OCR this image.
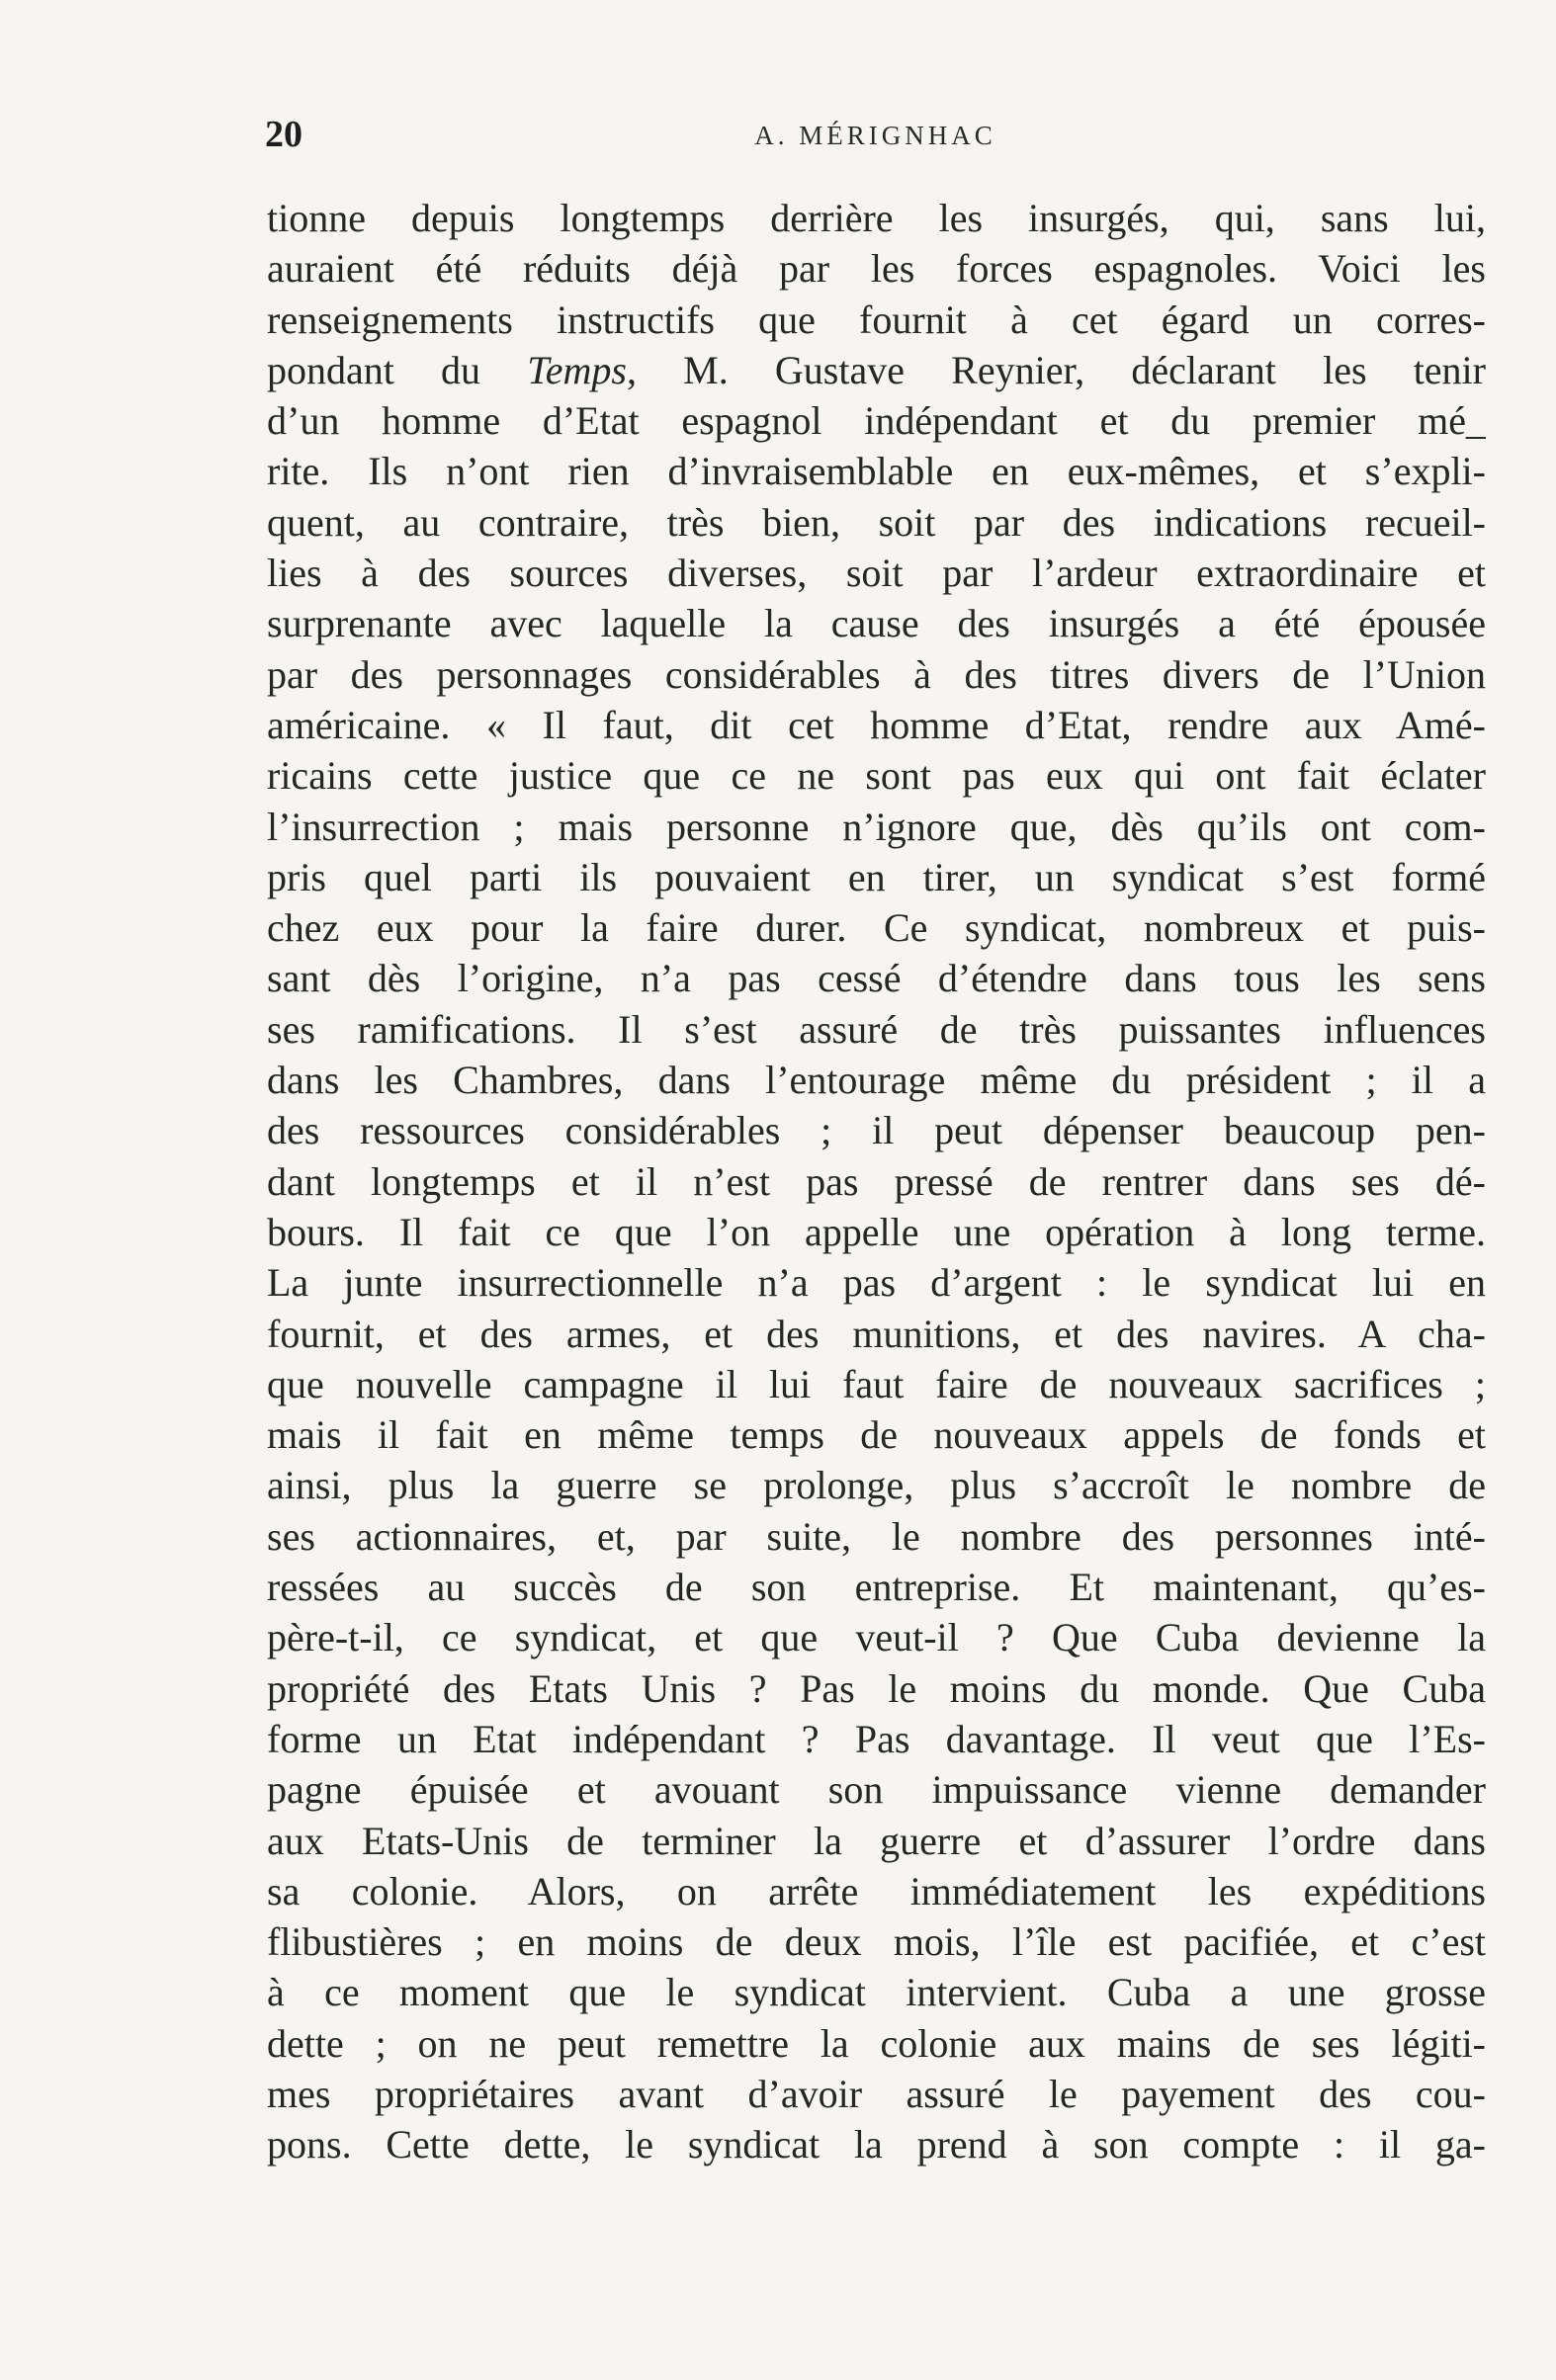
20	A. MÉRIGNHAC
tionne depuis longtemps derrière les insurgés, qui, sans lui,
auraient été réduits déjà par les forces espagnoles. Voici les
renseignements instructifs que fournit à cet égard un corres-
pondant du Temps, M. Gustave Reynier, déclarant les tenir
d’un homme d’Etat espagnol indépendant et du premier mé_
rite. Ils n’ont rien d’invraisemblable en eux-mêmes, et s’expli-
quent, au contraire, très bien, soit par des indications recueil-
lies à des sources diverses, soit par l’ardeur extraordinaire et
surprenante avec laquelle la cause des insurgés a été épousée
par des personnages considérables à des titres divers de l’Union
américaine. « Il faut, dit cet homme d’Etat, rendre aux Amé-
ricains cette justice que ce ne sont pas eux qui ont fait éclater
l’insurrection ; mais personne n’ignore que, dès qu’ils ont com-
pris quel parti ils pouvaient en tirer, un syndicat s’est formé
chez eux pour la faire durer. Ce syndicat, nombreux et puis-
sant dès l’origine, n’a pas cessé d’étendre dans tous les sens
ses ramifications. Il s’est assuré de très puissantes influences
dans les Chambres, dans l’entourage même du président ; il a
des ressources considérables ; il peut dépenser beaucoup pen-
dant longtemps et il n’est pas pressé de rentrer dans ses dé-
bours. Il fait ce que l’on appelle une opération à long terme.
La junte insurrectionnelle n’a pas d’argent : le syndicat lui en
fournit, et des armes, et des munitions, et des navires. A cha-
que nouvelle campagne il lui faut faire de nouveaux sacrifices ;
mais il fait en même temps de nouveaux appels de fonds et
ainsi, plus la guerre se prolonge, plus s’accroît le nombre de
ses actionnaires, et, par suite, le nombre des personnes inté-
ressées au succès de son entreprise. Et maintenant, qu’es-
père-t-il, ce syndicat, et que veut-il ? Que Cuba devienne la
propriété des Etats Unis ? Pas le moins du monde. Que Cuba
forme un Etat indépendant ? Pas davantage. Il veut que l’Es-
pagne épuisée et avouant son impuissance vienne demander
aux Etats-Unis de terminer la guerre et d’assurer l’ordre dans
sa colonie. Alors, on arrête immédiatement les expéditions
flibustières ; en moins de deux mois, l’île est pacifiée, et c’est
à ce moment que le syndicat intervient. Cuba a une grosse
dette ; on ne peut remettre la colonie aux mains de ses légiti-
mes propriétaires avant d’avoir assuré le payement des cou-
pons. Cette dette, le syndicat la prend à son compte : il ga-
